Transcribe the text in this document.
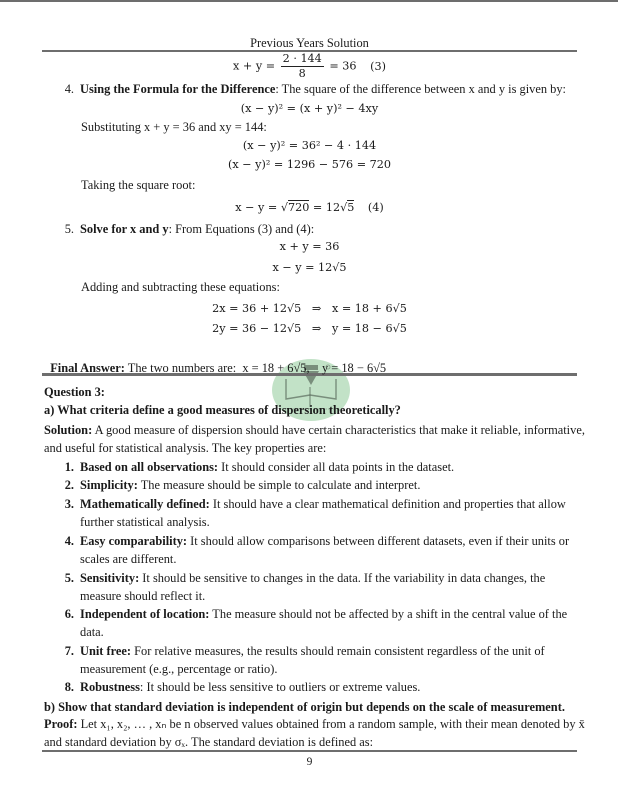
Previous Years Solution
$x + y = \frac{2 \cdot 144}{8} = 36$ (3)
4. Using the Formula for the Difference: The square of the difference between x and y is given by:
(x − y)² = (x + y)² − 4xy
Substituting x + y = 36 and xy = 144:
(x − y)² = 36² − 4 · 144
(x − y)² = 1296 − 576 = 720
Taking the square root:
x − y = √720 = 12√5 (4)
5. Solve for x and y: From Equations (3) and (4):
x + y = 36
x − y = 12√5
Adding and subtracting these equations:
2x = 36 + 12√5   ⇒   x = 18 + 6√5
2y = 36 − 12√5   ⇒   y = 18 − 6√5

Final Answer: The two numbers are:  x = 18 + 6√5,    y = 18 − 6√5

Question 3:
a) What criteria define a good measures of dispersion theoretically?
Solution: A good measure of dispersion should have certain characteristics that make it reliable, informative,
and useful for statistical analysis. The key properties are:
1. Based on all observations: It should consider all data points in the dataset.
2. Simplicity: The measure should be simple to calculate and interpret.
3. Mathematically defined: It should have a clear mathematical definition and properties that allow
further statistical analysis.
4. Easy comparability: It should allow comparisons between different datasets, even if their units or
scales are different.
5. Sensitivity: It should be sensitive to changes in the data. If the variability in data changes, the
measure should reflect it.
6. Independent of location: The measure should not be affected by a shift in the central value of the
data.
7. Unit free: For relative measures, the results should remain consistent regardless of the unit of
measurement (e.g., percentage or ratio).
8. Robustness: It should be less sensitive to outliers or extreme values.
b) Show that standard deviation is independent of origin but depends on the scale of measurement.
Proof: Let x₁, x₂, … , xₙ be n observed values obtained from a random sample, with their mean denoted by x̄
and standard deviation by σₓ. The standard deviation is defined as:
9
